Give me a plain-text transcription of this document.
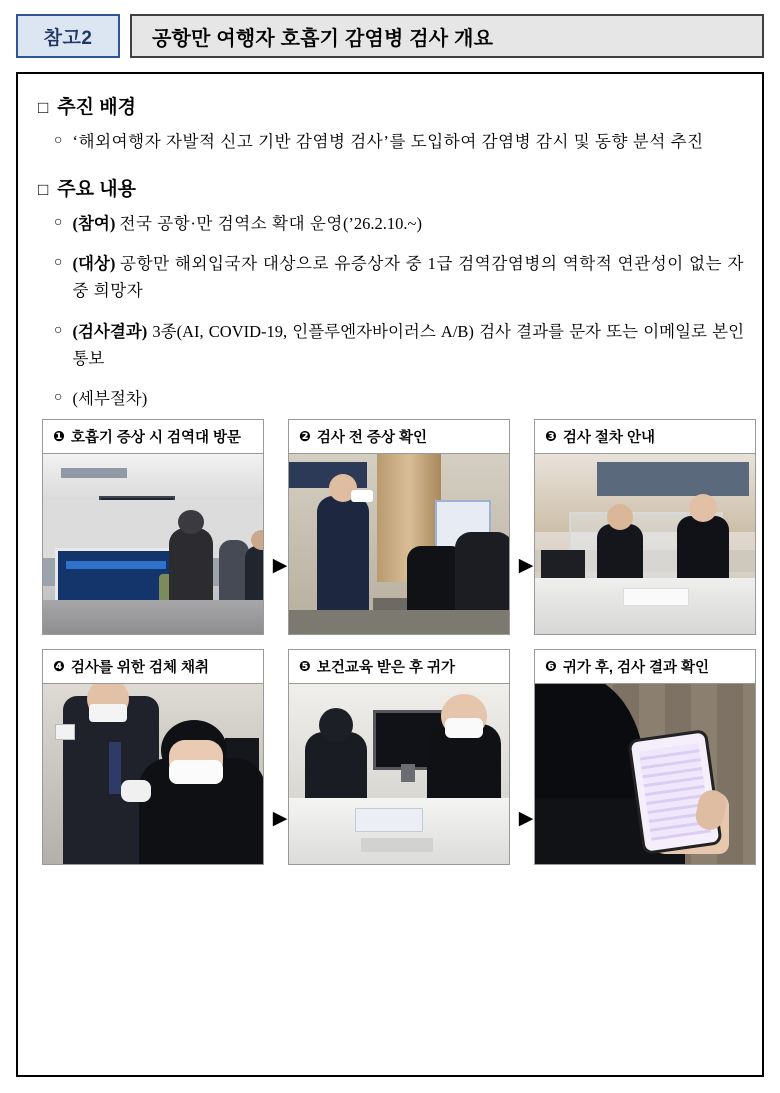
참고2	공항만 여행자 호흡기 감염병 검사 개요
□ 추진 배경
○ ‘해외여행자 자발적 신고 기반 감염병 검사’를 도입하여 감염병 감시 및 동향 분석 추진
□ 주요 내용
○ (참여) 전국 공항·만 검역소 확대 운영(’26.2.10.~)
○ (대상) 공항만 해외입국자 대상으로 유증상자 중 1급 검역감염병의 역학적 연관성이 없는 자 중 희망자
○ (검사결과) 3종(AI, COVID-19, 인플루엔자바이러스 A/B) 검사 결과를 문자 또는 이메일로 본인 통보
○ (세부절차)
❶ 호흡기 증상 시 검역대 방문	❷ 검사 전 증상 확인	❸ 검사 절차 안내
❹ 검사를 위한 검체 채취	❺ 보건교육 받은 후 귀가	❻ 귀가 후, 검사 결과 확인
▶	▶
▶	▶
